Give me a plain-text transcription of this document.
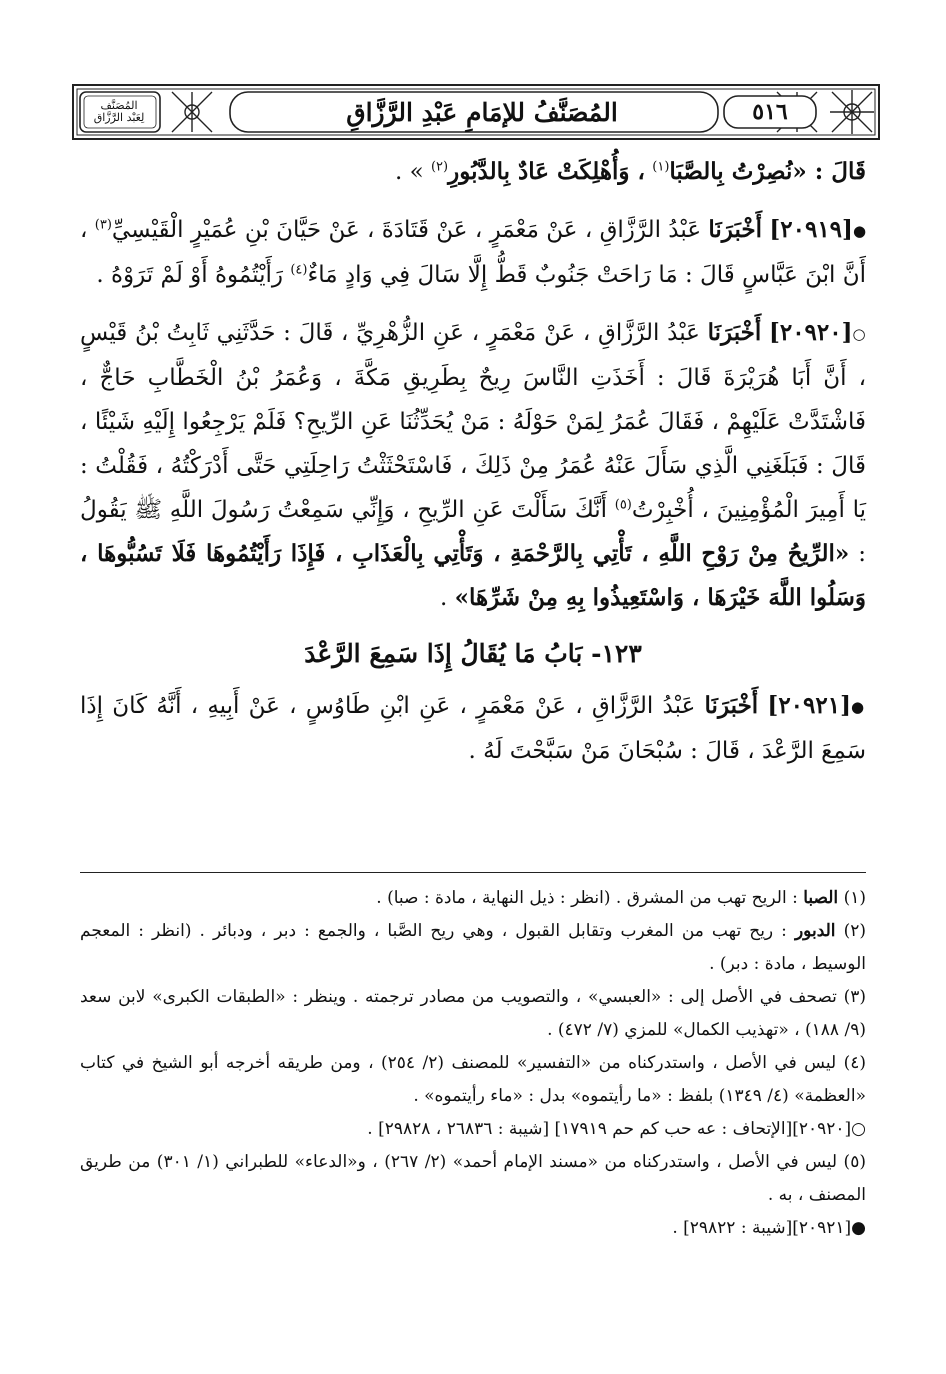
٥١٦
المُصَنَّفُ للإمَامِ عَبْدِ الرَّزَّاقِ
المُصَنَّف
لِعَبْد الرَّزَّاق

قَالَ : «نُصِرْتُ بِالصَّبَا$^{(١)}$ ، وَأُهْلِكَتْ عَادٌ بِالدَّبُورِ$^{(٢)}$ » .

●[٢٠٩١٩] أَخْبَرَنَا عَبْدُ الرَّزَّاقِ ، عَنْ مَعْمَرٍ ، عَنْ قَتَادَةَ ، عَنْ حَيَّانَ بْنِ عُمَيْرٍ الْقَيْسِيِّ$^{(٣)}$ ، أَنَّ ابْنَ عَبَّاسٍ قَالَ : مَا رَاحَتْ جَنُوبٌ قَطُّ إِلَّا سَالَ فِي وَادٍ مَاءٌ$^{(٤)}$ رَأَيْتُمُوهُ أَوْ لَمْ تَرَوْهُ .

○[٢٠٩٢٠] أَخْبَرَنَا عَبْدُ الرَّزَّاقِ ، عَنْ مَعْمَرٍ ، عَنِ الزُّهْرِيِّ ، قَالَ : حَدَّثَنِي ثَابِتُ بْنُ قَيْسٍ ، أَنَّ أَبَا هُرَيْرَةَ قَالَ : أَخَذَتِ النَّاسَ رِيحٌ بِطَرِيقِ مَكَّةَ ، وَعُمَرُ بْنُ الْخَطَّابِ حَاجٌّ ، فَاشْتَدَّتْ عَلَيْهِمْ ، فَقَالَ عُمَرُ لِمَنْ حَوْلَهُ : مَنْ يُحَدِّثُنَا عَنِ الرِّيحِ؟ فَلَمْ يَرْجِعُوا إِلَيْهِ شَيْئًا ، قَالَ : فَبَلَغَنِي الَّذِي سَأَلَ عَنْهُ عُمَرُ مِنْ ذَلِكَ ، فَاسْتَحْثَثْتُ رَاحِلَتِي حَتَّى أَدْرَكْتُهُ ، فَقُلْتُ : يَا أَمِيرَ الْمُؤْمِنِينَ ، أُخْبِرْتُ$^{(٥)}$ أَنَّكَ سَأَلْتَ عَنِ الرِّيحِ ، وَإِنِّي سَمِعْتُ رَسُولَ اللَّهِ ﷺ يَقُولُ : «الرِّيحُ مِنْ رَوْحِ اللَّهِ ، تَأْتِي بِالرَّحْمَةِ ، وَتَأْتِي بِالْعَذَابِ ، فَإِذَا رَأَيْتُمُوهَا فَلَا تَسُبُّوهَا ، وَسَلُوا اللَّهَ خَيْرَهَا ، وَاسْتَعِيذُوا بِهِ مِنْ شَرِّهَا» .

١٢٣- بَابُ مَا يُقَالُ إِذَا سَمِعَ الرَّعْدَ

●[٢٠٩٢١] أَخْبَرَنَا عَبْدُ الرَّزَّاقِ ، عَنْ مَعْمَرٍ ، عَنِ ابْنِ طَاوُسٍ ، عَنْ أَبِيهِ ، أَنَّهُ كَانَ إِذَا سَمِعَ الرَّعْدَ ، قَالَ : سُبْحَانَ مَنْ سَبَّحْتَ لَهُ .

(١) الصبا : الريح تهب من المشرق . (انظر : ذيل النهاية ، مادة : صبا) .

(٢) الدبور : ريح تهب من المغرب وتقابل القبول ، وهي ريح الصَّبا ، والجمع : دبر ، ودبائر . (انظر : المعجم الوسيط ، مادة : دبر) .

(٣) تصحف في الأصل إلى : «العبسي» ، والتصويب من مصادر ترجمته . وينظر : «الطبقات الكبرى» لابن سعد (٩/ ١٨٨) ، «تهذيب الكمال» للمزي (٧/ ٤٧٢) .

(٤) ليس في الأصل ، واستدركناه من «التفسير» للمصنف (٢/ ٢٥٤) ، ومن طريقه أخرجه أبو الشيخ في كتاب «العظمة» (٤/ ١٣٤٩) بلفظ : «ما رأيتموه» بدل : «ماء رأيتموه» .

○[٢٠٩٢٠][الإتحاف : عه حب كم حم ١٧٩١٩] [شيبة : ٢٦٨٣٦ ، ٢٩٨٢٨] .

(٥) ليس في الأصل ، واستدركناه من «مسند الإمام أحمد» (٢/ ٢٦٧) ، و«الدعاء» للطبراني (١/ ٣٠١) من طريق المصنف ، به .

●[٢٠٩٢١][شيبة : ٢٩٨٢٢] .
